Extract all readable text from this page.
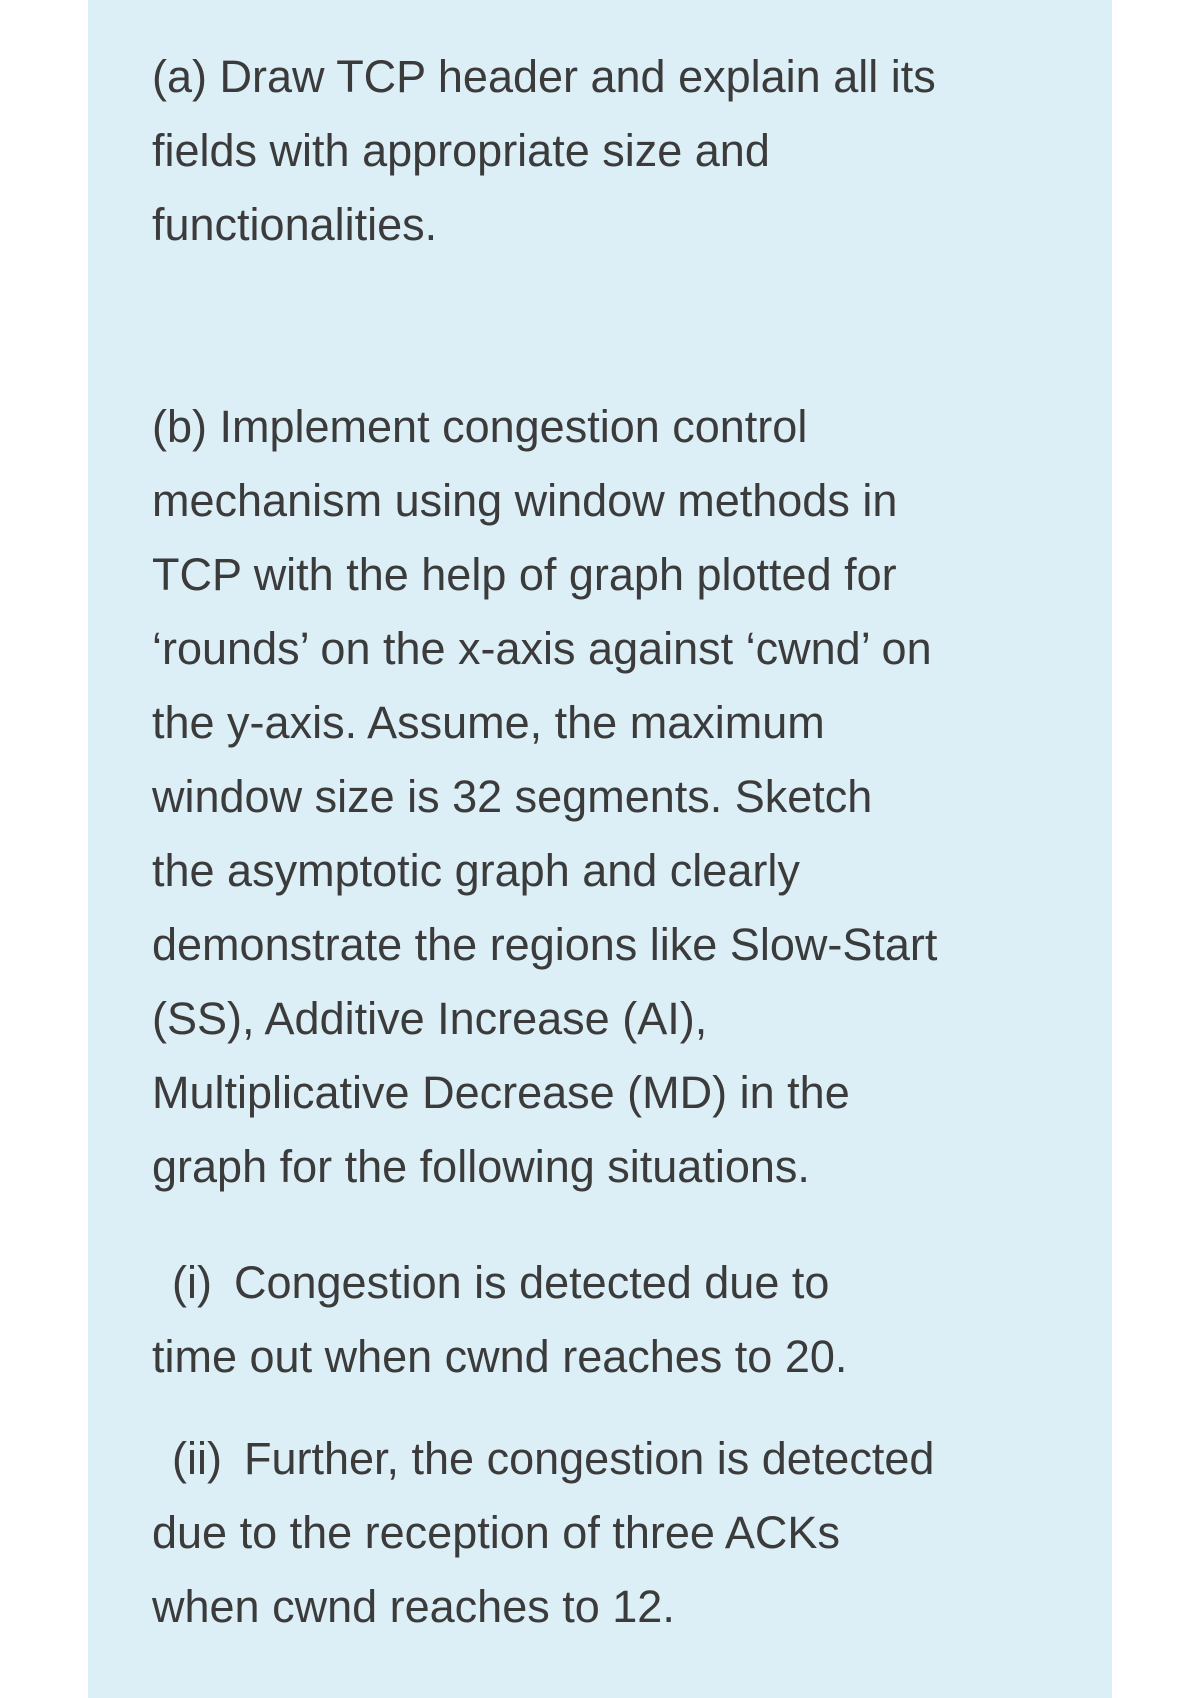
(a) Draw TCP header and explain all its
fields with appropriate size and
functionalities.
(b) Implement congestion control
mechanism using window methods in
TCP with the help of graph plotted for
‘rounds’ on the x-axis against ‘cwnd’ on
the y-axis. Assume, the maximum
window size is 32 segments. Sketch
the asymptotic graph and clearly
demonstrate the regions like Slow-Start
(SS), Additive Increase (AI),
Multiplicative Decrease (MD) in the
graph for the following situations.
(i) Congestion is detected due to
time out when cwnd reaches to 20.
(ii) Further, the congestion is detected
due to the reception of three ACKs
when cwnd reaches to 12.
